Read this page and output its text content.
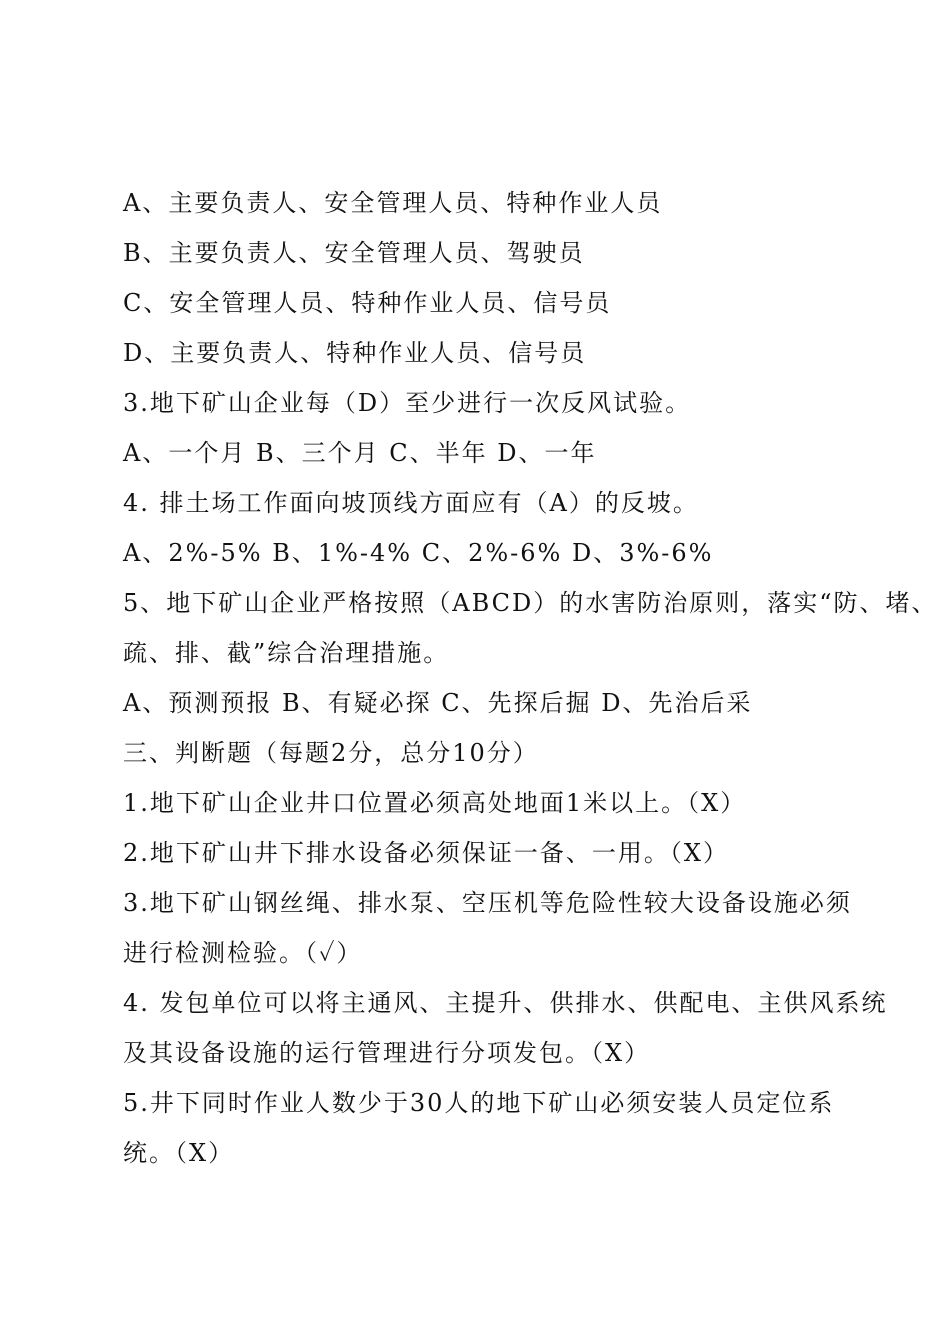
A、主要负责人、安全管理人员、特种作业人员
B、主要负责人、安全管理人员、驾驶员
C、安全管理人员、特种作业人员、信号员
D、主要负责人、特种作业人员、信号员
3.地下矿山企业每（D）至少进行一次反风试验。
A、一个月 B、三个月 C、半年 D、一年
4. 排土场工作面向坡顶线方面应有（A）的反坡。
A、2%-5% B、1%-4% C、2%-6% D、3%-6%
5、地下矿山企业严格按照（ABCD）的水害防治原则，落实“防、堵、
疏、排、截”综合治理措施。
A、预测预报 B、有疑必探 C、先探后掘 D、先治后采
三、判断题（每题2分，总分10分）
1.地下矿山企业井口位置必须高处地面1米以上。（X）
2.地下矿山井下排水设备必须保证一备、一用。（X）
3.地下矿山钢丝绳、排水泵、空压机等危险性较大设备设施必须
进行检测检验。（✓）
4. 发包单位可以将主通风、主提升、供排水、供配电、主供风系统
及其设备设施的运行管理进行分项发包。（X）
5.井下同时作业人数少于30人的地下矿山必须安装人员定位系
统。（X）
